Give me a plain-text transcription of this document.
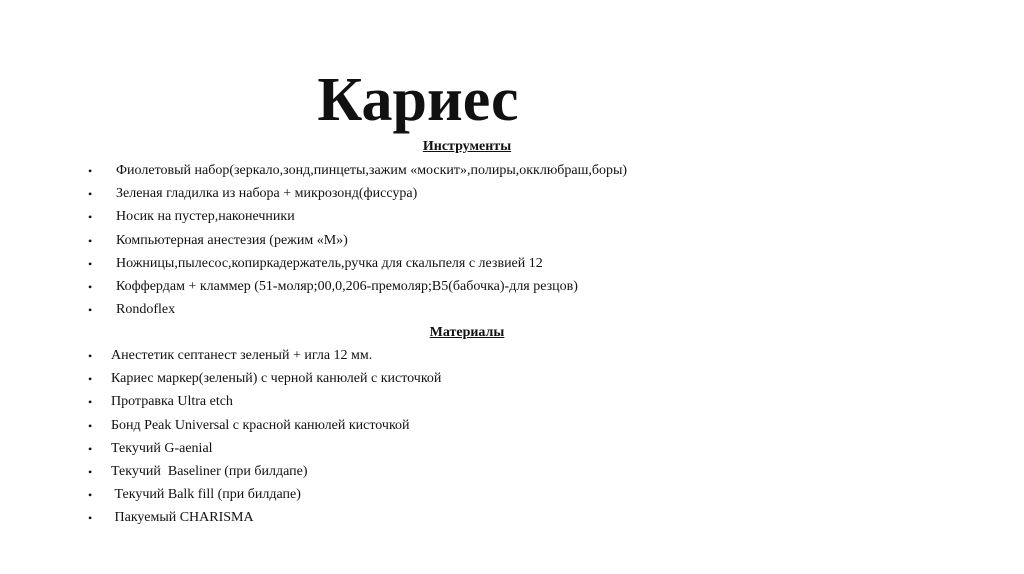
Кариес
Инструменты
• Фиолетовый набор(зеркало,зонд,пинцеты,зажим «москит»,полиры,окклюбраш,боры)
• Зеленая гладилка из набора + микрозонд(фиссура)
• Носик на пустер,наконечники
• Компьютерная анестезия (режим «М»)
• Ножницы,пылесос,копиркадержатель,ручка для скальпеля с лезвией 12
• Коффердам + кламмер (51-моляр;00,0,206-премоляр;B5(бабочка)-для резцов)
• Rondoflex
Материалы
• Анестетик септанест зеленый + игла 12 мм.
• Кариес маркер(зеленый) с черной канюлей с кисточкой
• Протравка Ultra etch
• Бонд Peak Universal с красной канюлей кисточкой
• Текучий G-aenial
• Текучий  Baseliner (при билдапе)
• Текучий Balk fill (при билдапе)
• Пакуемый CHARISMA
